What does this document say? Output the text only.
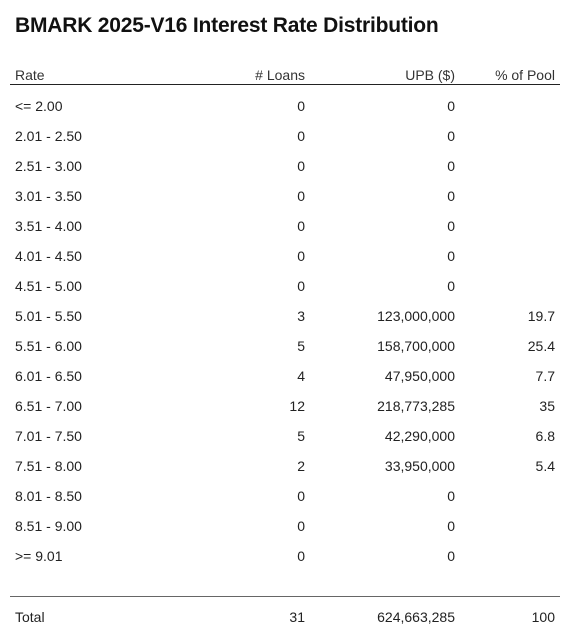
BMARK 2025-V16 Interest Rate Distribution
Rate	# Loans	UPB ($)	% of Pool
<= 2.00	0	0
2.01 - 2.50	0	0
2.51 - 3.00	0	0
3.01 - 3.50	0	0
3.51 - 4.00	0	0
4.01 - 4.50	0	0
4.51 - 5.00	0	0
5.01 - 5.50	3	123,000,000	19.7
5.51 - 6.00	5	158,700,000	25.4
6.01 - 6.50	4	47,950,000	7.7
6.51 - 7.00	12	218,773,285	35
7.01 - 7.50	5	42,290,000	6.8
7.51 - 8.00	2	33,950,000	5.4
8.01 - 8.50	0	0
8.51 - 9.00	0	0
>= 9.01	0	0
Total	31	624,663,285	100
